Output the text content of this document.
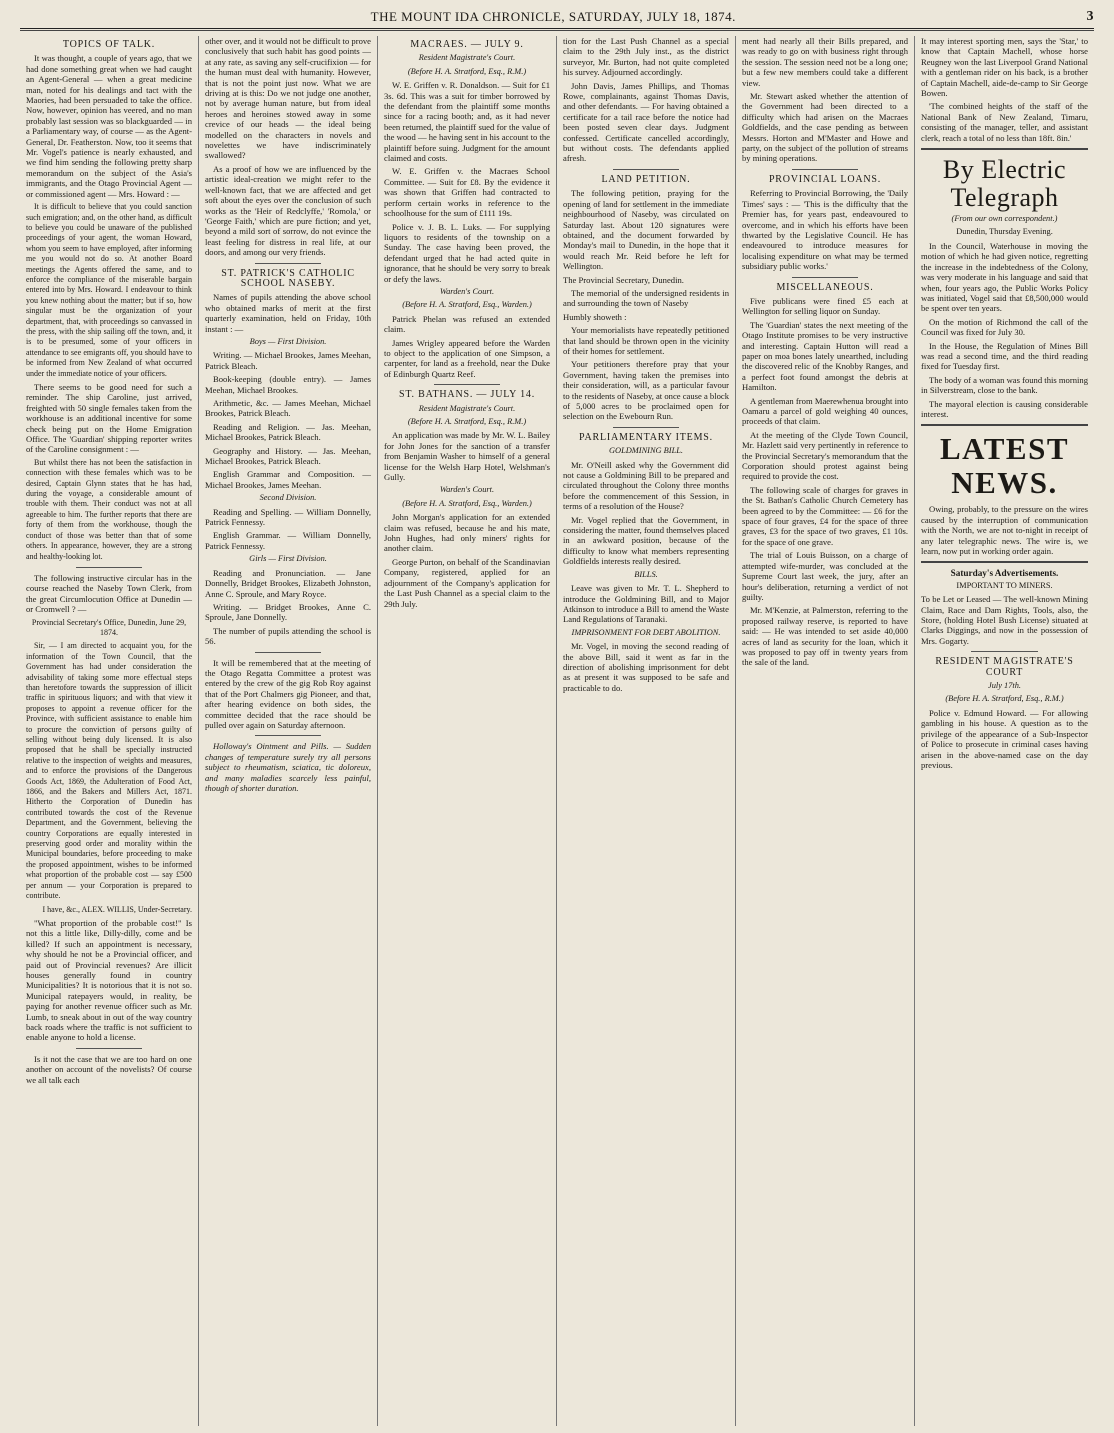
THE MOUNT IDA CHRONICLE, SATURDAY, JULY 18, 1874.	3
TOPICS OF TALK.

It was thought, a couple of years ago, that we had done something great when we had caught an Agent-General — when a great medicine man, noted for his dealings and tact with the Maories, had been persuaded to take the office. Now, however, opinion has veered, and no man probably last session was so blackguarded — in a Parliamentary way, of course — as the Agent-General, Dr. Featherston. Now, too it seems that Mr. Vogel's patience is nearly exhausted, and we find him sending the following pretty sharp memorandum on the subject of the Asia's immigrants, and the Otago Provincial Agent — or commissioned agent — Mrs. Howard : —

It is difficult to believe that you could sanction such emigration; and, on the other hand, as difficult to believe you could be unaware of the published proceedings of your agent, the woman Howard, whom you seem to have employed, after informing me you would not do so. At another Board meetings the Agents offered the same, and to enforce the compliance of the miserable bargain entered into by Mrs. Howard. I endeavour to think you knew nothing about the matter; but if so, how singular must be the organization of your department, that, with proceedings so canvassed in the press, with the ship sailing off the town, and, it is to be presumed, some of your officers in attendance to see emigrants off, you should have to be informed from New Zealand of what occurred under the immediate notice of your officers.

There seems to be good need for such a reminder. The ship Caroline, just arrived, freighted with 50 single females taken from the workhouse is an additional incentive for some check being put on the Home Emigration Office. The 'Guardian' shipping reporter writes of the Caroline consignment : —

But whilst there has not been the satisfaction in connection with these females which was to be desired, Captain Glynn states that he has had, during the voyage, a considerable amount of trouble with them. Their conduct was not at all agreeable to him. The further reports that there are forty of them from the workhouse, though the conduct of those was better than that of some others. In appearance, however, they are a strong and healthy-looking lot.

The following instructive circular has in the course reached the Naseby Town Clerk, from the great Circumlocution Office at Dunedin — or Cromwell ? —

Provincial Secretary's Office, Dunedin, June 29, 1874.

Sir, — I am directed to acquaint you, for the information of the Town Council, that the Government has had under consideration the advisability of taking some more effectual steps than heretofore towards the suppression of illicit traffic in spirituous liquors; and with that view it proposes to appoint a revenue officer for the Province, with sufficient assistance to enable him to procure the conviction of persons guilty of selling without being duly licensed. It is also proposed that he shall be specially instructed relative to the inspection of weights and measures, and to enforce the provisions of the Dangerous Goods Act, 1869, the Adulteration of Food Act, 1866, and the Bakers and Millers Act, 1871. Hitherto the Corporation of Dunedin has contributed towards the cost of the Revenue Department, and the Government, believing the country Corporations are equally interested in preserving good order and morality within the Municipal boundaries, before proceeding to make the proposed appointment, wishes to be informed what proportion of the probable cost — say £500 per annum — your Corporation is prepared to contribute.

I have, &c., ALEX. WILLIS, Under-Secretary.

"What proportion of the probable cost!" Is not this a little like, Dilly-dilly, come and be killed? If such an appointment is necessary, why should he not be a Provincial officer, and paid out of Provincial revenues? Are illicit houses generally found in country Municipalities? It is notorious that it is not so. Municipal ratepayers would, in reality, be paying for another revenue officer such as Mr. Lumb, to sneak about in out of the way country back roads where the traffic is not sufficient to enable anyone to hold a license.

Is it not the case that we are too hard on one another on account of the novelists? Of course we all talk each

other over, and it would not be difficult to prove conclusively that such habit has good points — at any rate, as saving any self-crucifixion — for the human must deal with humanity. However, that is not the point just now. What we are driving at is this: Do we not judge one another, not by average human nature, but from ideal heroes and heroines stowed away in some crevice of our heads — the ideal being modelled on the characters in novels and novelettes we have indiscriminately swallowed?

As a proof of how we are influenced by the artistic ideal-creation we might refer to the well-known fact, that we are affected and get soft about the eyes over the conclusion of such works as the 'Heir of Redclyffe,' 'Romola,' or 'George Faith,' which are pure fiction; and yet, beyond a mild sort of sorrow, do not evince the least feeling for distress in real life, at our doors, and among our very friends.

ST. PATRICK'S CATHOLIC SCHOOL NASEBY.

Names of pupils attending the above school who obtained marks of merit at the first quarterly examination, held on Friday, 10th instant : —

Boys — First Division.

Writing. — Michael Brookes, James Meehan, Patrick Bleach.

Book-keeping (double entry). — James Meehan, Michael Brookes.

Arithmetic, &c. — James Meehan, Michael Brookes, Patrick Bleach.

Reading and Religion. — Jas. Meehan, Michael Brookes, Patrick Bleach.

Geography and History. — Jas. Meehan, Michael Brookes, Patrick Bleach.

English Grammar and Composition. — Michael Brookes, James Meehan.

Second Division.

Reading and Spelling. — William Donnelly, Patrick Fennessy.

English Grammar. — William Donnelly, Patrick Fennessy.

Girls — First Division.

Reading and Pronunciation. — Jane Donnelly, Bridget Brookes, Elizabeth Johnston, Anne C. Sproule, and Mary Royce.

Writing. — Bridget Brookes, Anne C. Sproule, Jane Donnelly.

The number of pupils attending the school is 56.

It will be remembered that at the meeting of the Otago Regatta Committee a protest was entered by the crew of the gig Rob Roy against that of the Port Chalmers gig Pioneer, and that, after hearing evidence on both sides, the committee decided that the race should be pulled over again on Saturday afternoon.

Holloway's Ointment and Pills. — Sudden changes of temperature surely try all persons subject to rheumatism, sciatica, tic doloreux, and many maladies scarcely less painful, though of shorter duration.

MACRAES. — JULY 9.
Resident Magistrate's Court.
(Before H. A. Stratford, Esq., R.M.)

W. E. Griffen v. R. Donaldson. — Suit for £1 3s. 6d. This was a suit for timber borrowed by the defendant from the plaintiff some months since for a racing booth; and, as it had never been returned, the plaintiff sued for the value of the wood — he having sent in his account to the plaintiff before suing. Judgment for the amount claimed and costs.

W. E. Griffen v. the Macraes School Committee. — Suit for £8. By the evidence it was shown that Griffen had contracted to perform certain works in reference to the schoolhouse for the sum of £111 19s.

Police v. J. B. L. Luks. — For supplying liquors to residents of the township on a Sunday. The case having been proved, the defendant urged that he had acted quite in ignorance, that he should be very sorry to break or defy the laws.

Warden's Court.
(Before H. A. Stratford, Esq., Warden.)

Patrick Phelan was refused an extended claim.

James Wrigley appeared before the Warden to object to the application of one Simpson, a carpenter, for land as a freehold, near the Duke of Edinburgh Quartz Reef.

ST. BATHANS. — JULY 14.
Resident Magistrate's Court.
(Before H. A. Stratford, Esq., R.M.)

An application was made by Mr. W. L. Bailey for John Jones for the sanction of a transfer from Benjamin Washer to himself of a general license for the Welsh Harp Hotel, Welshman's Gully.

Warden's Court.
(Before H. A. Stratford, Esq., Warden.)

John Morgan's application for an extended claim was refused, because he and his mate, John Hughes, had only miners' rights for another claim.

George Purton, on behalf of the Scandinavian Company, registered, applied for an adjournment of the Company's application for the Last Push Channel as a special claim to the 29th July.

tion for the Last Push Channel as a special claim to the 29th July inst., as the district surveyor, Mr. Burton, had not quite completed his survey. Adjourned accordingly.

John Davis, James Phillips, and Thomas Rowe, complainants, against Thomas Davis, and other defendants. — For having obtained a certificate for a tail race before the notice had been posted seven clear days. Judgment confessed. Certificate cancelled accordingly, but without costs. The defendants applied afresh.

LAND PETITION.

The following petition, praying for the opening of land for settlement in the immediate neighbourhood of Naseby, was circulated on Saturday last. About 120 signatures were obtained, and the document forwarded by Monday's mail to Dunedin, in the hope that it would reach Mr. Reid before he left for Wellington.

The Provincial Secretary, Dunedin.

The memorial of the undersigned residents in and surrounding the town of Naseby

Humbly showeth :

Your memorialists have repeatedly petitioned that land should be thrown open in the vicinity of their homes for settlement.

Your petitioners therefore pray that your Government, having taken the premises into their consideration, will, as a particular favour to the residents of Naseby, at once cause a block of 5,000 acres to be proclaimed open for selection on the Ewebourn Run.

PARLIAMENTARY ITEMS.
GOLDMINING BILL.

Mr. O'Neill asked why the Government did not cause a Goldmining Bill to be prepared and circulated throughout the Colony three months before the commencement of this Session, in terms of a resolution of the House?

Mr. Vogel replied that the Government, in considering the matter, found themselves placed in an awkward position, because of the difficulty to know what members representing Goldfields interests really desired.

BILLS.

Leave was given to Mr. T. L. Shepherd to introduce the Goldmining Bill, and to Major Atkinson to introduce a Bill to amend the Waste Land Regulations of Taranaki.

IMPRISONMENT FOR DEBT ABOLITION.

Mr. Vogel, in moving the second reading of the above Bill, said it went as far in the direction of abolishing imprisonment for debt as at present it was supposed to be safe and practicable to do.

ment had nearly all their Bills prepared, and was ready to go on with business right through the session. The session need not be a long one; but a few new members could take a different view.

Mr. Stewart asked whether the attention of the Government had been directed to a difficulty which had arisen on the Macraes Goldfields, and the case pending as between Messrs. Horton and M'Master and Howe and party, on the subject of the pollution of streams by mining operations.

PROVINCIAL LOANS.

Referring to Provincial Borrowing, the 'Daily Times' says : — 'This is the difficulty that the Premier has, for years past, endeavoured to overcome, and in which his efforts have been thwarted by the Legislative Council. He has endeavoured to introduce measures for localising expenditure on what may be termed subsidiary public works.'

MISCELLANEOUS.

Five publicans were fined £5 each at Wellington for selling liquor on Sunday.

The 'Guardian' states the next meeting of the Otago Institute promises to be very instructive and interesting. Captain Hutton will read a paper on moa bones lately unearthed, including the discovered relic of the Knobby Ranges, and a perfect foot found amongst the debris at Hamilton.

A gentleman from Maerewhenua brought into Oamaru a parcel of gold weighing 40 ounces, proceeds of that claim.

At the meeting of the Clyde Town Council, Mr. Hazlett said very pertinently in reference to the Provincial Secretary's memorandum that the Corporation should protest against being required to provide the cost.

The following scale of charges for graves in the St. Bathan's Catholic Church Cemetery has been agreed to by the Committee: — £6 for the space of four graves, £4 for the space of three graves, £3 for the space of two graves, £1 10s. for the space of one grave.

The trial of Louis Buisson, on a charge of attempted wife-murder, was concluded at the Supreme Court last week, the jury, after an hour's deliberation, returning a verdict of not guilty.

Mr. M'Kenzie, at Palmerston, referring to the proposed railway reserve, is reported to have said: — He was intended to set aside 40,000 acres of land as security for the loan, which it was proposed to pay off in twenty years from the sale of the land.

It may interest sporting men, says the 'Star,' to know that Captain Machell, whose horse Reugney won the last Liverpool Grand National with a gentleman rider on his back, is a brother of Captain Machell, aide-de-camp to Sir George Bowen.

'The combined heights of the staff of the National Bank of New Zealand, Timaru, consisting of the manager, teller, and assistant clerk, reach a total of no less than 18ft. 8in.'

By Electric Telegraph
(From our own correspondent.)
Dunedin, Thursday Evening.

In the Council, Waterhouse in moving the motion of which he had given notice, regretting the increase in the indebtedness of the Colony, was very moderate in his language and said that when, four years ago, the Public Works Policy was initiated, Vogel said that £8,500,000 would be spent over ten years.

On the motion of Richmond the call of the Council was fixed for July 30.

In the House, the Regulation of Mines Bill was read a second time, and the third reading fixed for Tuesday first.

The body of a woman was found this morning in Silverstream, close to the bank.

The mayoral election is causing considerable interest.

LATEST NEWS.

Owing, probably, to the pressure on the wires caused by the interruption of communication with the North, we are not to-night in receipt of any later telegraphic news. The wire is, we learn, now put in working order again.

Saturday's Advertisements.
IMPORTANT TO MINERS.

To be Let or Leased — The well-known Mining Claim, Race and Dam Rights, Tools, also, the Store, (holding Hotel Bush License) situated at Clarks Diggings, and now in the possession of Mrs. Gogarty.

RESIDENT MAGISTRATE'S COURT
July 17th.
(Before H. A. Stratford, Esq., R.M.)

Police v. Edmund Howard. — For allowing gambling in his house. A question as to the privilege of the appearance of a Sub-Inspector of Police to prosecute in criminal cases having arisen in the above-named case on the day previous.
